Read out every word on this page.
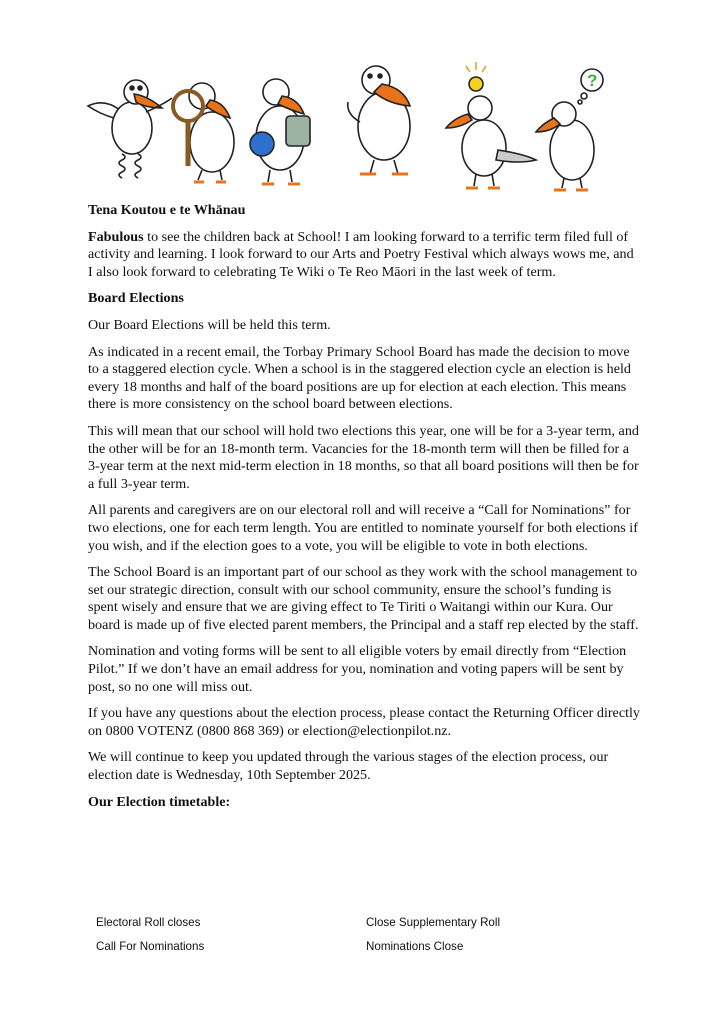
?
Tena Koutou e te Whānau

Fabulous to see the children back at School! I am looking forward to a terrific term filed full of activity and learning. I look forward to our Arts and Poetry Festival which always wows me, and I also look forward to celebrating Te Wiki o Te Reo Māori in the last week of term.

Board Elections

Our Board Elections will be held this term.

As indicated in a recent email, the Torbay Primary School Board has made the decision to move to a staggered election cycle. When a school is in the staggered election cycle an election is held every 18 months and half of the board positions are up for election at each election. This means there is more consistency on the school board between elections.

This will mean that our school will hold two elections this year, one will be for a 3-year term, and the other will be for an 18-month term. Vacancies for the 18-month term will then be filled for a 3-year term at the next mid-term election in 18 months, so that all board positions will then be for a full 3-year term.

All parents and caregivers are on our electoral roll and will receive a “Call for Nominations” for two elections, one for each term length. You are entitled to nominate yourself for both elections if you wish, and if the election goes to a vote, you will be eligible to vote in both elections.

The School Board is an important part of our school as they work with the school management to set our strategic direction, consult with our school community, ensure the school’s funding is spent wisely and ensure that we are giving effect to Te Tiriti o Waitangi within our Kura. Our board is made up of five elected parent members, the Principal and a staff rep elected by the staff.

Nomination and voting forms will be sent to all eligible voters by email directly from “Election Pilot.” If we don’t have an email address for you, nomination and voting papers will be sent by post, so no one will miss out.

If you have any questions about the election process, please contact the Returning Officer directly on 0800 VOTENZ (0800 868 369) or election@electionpilot.nz.

We will continue to keep you updated through the various stages of the election process, our election date is Wednesday, 10th September 2025.

Our Election timetable:
Electoral Roll closes	Close Supplementary Roll
Call For Nominations	Nominations Close
